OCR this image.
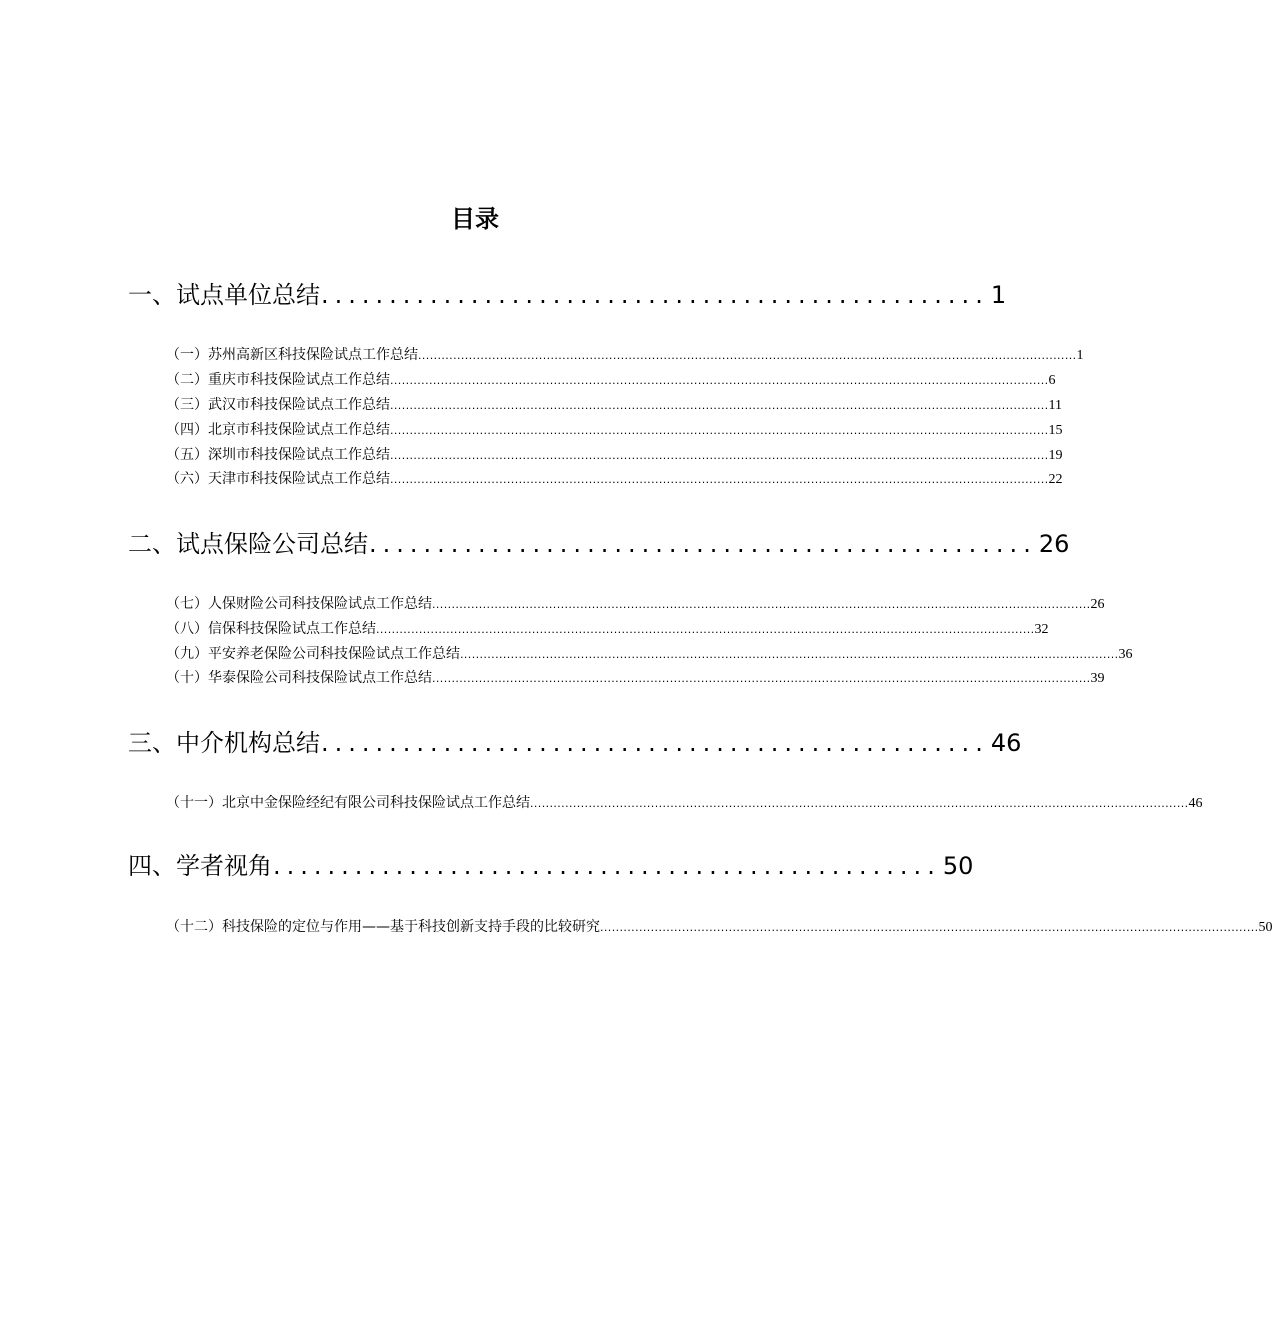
目录
一、试点单位总结 ................................................. 1
（一）苏州高新区科技保险试点工作总结 ......................................................................................................................................................................... 1
（二）重庆市科技保险试点工作总结 ......................................................................................................................................................................... 6
（三）武汉市科技保险试点工作总结 ......................................................................................................................................................................... 11
（四）北京市科技保险试点工作总结 ......................................................................................................................................................................... 15
（五）深圳市科技保险试点工作总结 ......................................................................................................................................................................... 19
（六）天津市科技保险试点工作总结 ......................................................................................................................................................................... 22
二、试点保险公司总结 ................................................. 26
（七）人保财险公司科技保险试点工作总结 ......................................................................................................................................................................... 26
（八）信保科技保险试点工作总结 ......................................................................................................................................................................... 32
（九）平安养老保险公司科技保险试点工作总结 ......................................................................................................................................................................... 36
（十）华泰保险公司科技保险试点工作总结 ......................................................................................................................................................................... 39
三、中介机构总结 ................................................. 46
（十一）北京中金保险经纪有限公司科技保险试点工作总结 ......................................................................................................................................................................... 46
四、学者视角 ................................................. 50
（十二）科技保险的定位与作用——基于科技创新支持手段的比较研究 ......................................................................................................................................................................... 50
